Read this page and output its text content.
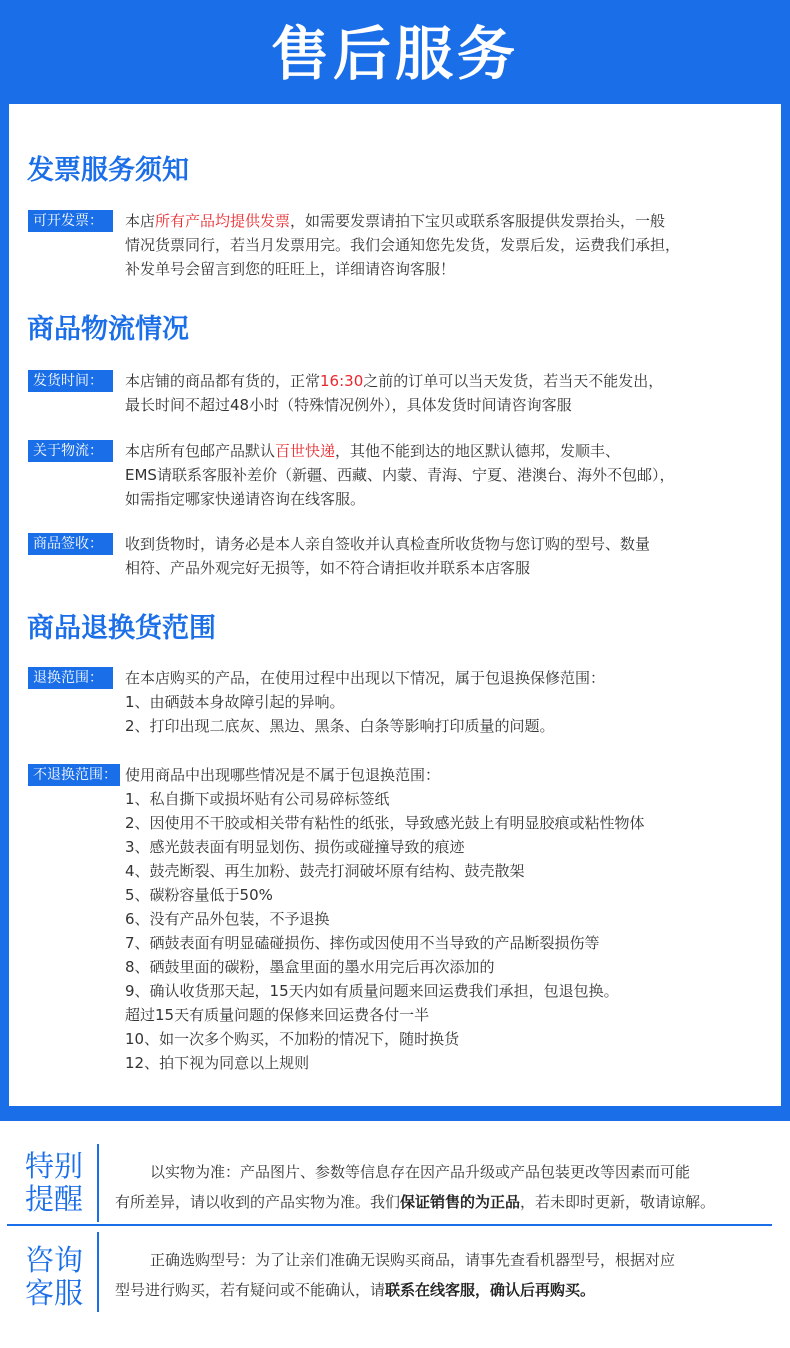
售后服务
发票服务须知
可开发票：	本店所有产品均提供发票，如需要发票请拍下宝贝或联系客服提供发票抬头，一般
情况货票同行，若当月发票用完。我们会通知您先发货，发票后发，运费我们承担，
补发单号会留言到您的旺旺上，详细请咨询客服！
商品物流情况
发货时间：	本店铺的商品都有货的，正常16:30之前的订单可以当天发货，若当天不能发出，
最长时间不超过48小时（特殊情况例外），具体发货时间请咨询客服
关于物流：	本店所有包邮产品默认百世快递，其他不能到达的地区默认德邦，发顺丰、
EMS请联系客服补差价（新疆、西藏、内蒙、青海、宁夏、港澳台、海外不包邮），
如需指定哪家快递请咨询在线客服。
商品签收：	收到货物时，请务必是本人亲自签收并认真检查所收货物与您订购的型号、数量
相符、产品外观完好无损等，如不符合请拒收并联系本店客服
商品退换货范围
退换范围：	在本店购买的产品，在使用过程中出现以下情况，属于包退换保修范围：
1、由硒鼓本身故障引起的异响。
2、打印出现二底灰、黑边、黑条、白条等影响打印质量的问题。
不退换范围： 使用商品中出现哪些情况是不属于包退换范围：
1、私自撕下或损坏贴有公司易碎标签纸
2、因使用不干胶或相关带有粘性的纸张，导致感光鼓上有明显胶痕或粘性物体
3、感光鼓表面有明显划伤、损伤或碰撞导致的痕迹
4、鼓壳断裂、再生加粉、鼓壳打洞破坏原有结构、鼓壳散架
5、碳粉容量低于50%
6、没有产品外包装，不予退换
7、硒鼓表面有明显磕碰损伤、摔伤或因使用不当导致的产品断裂损伤等
8、硒鼓里面的碳粉，墨盒里面的墨水用完后再次添加的
9、确认收货那天起，15天内如有质量问题来回运费我们承担，包退包换。
超过15天有质量问题的保修来回运费各付一半
10、如一次多个购买，不加粉的情况下，随时换货
12、拍下视为同意以上规则
特别
提醒
以实物为准：产品图片、参数等信息存在因产品升级或产品包装更改等因素而可能
有所差异，请以收到的产品实物为准。我们保证销售的为正品，若未即时更新，敬请谅解。
咨询
客服
正确选购型号：为了让亲们准确无误购买商品，请事先查看机器型号，根据对应
型号进行购买，若有疑问或不能确认，请联系在线客服，确认后再购买。
